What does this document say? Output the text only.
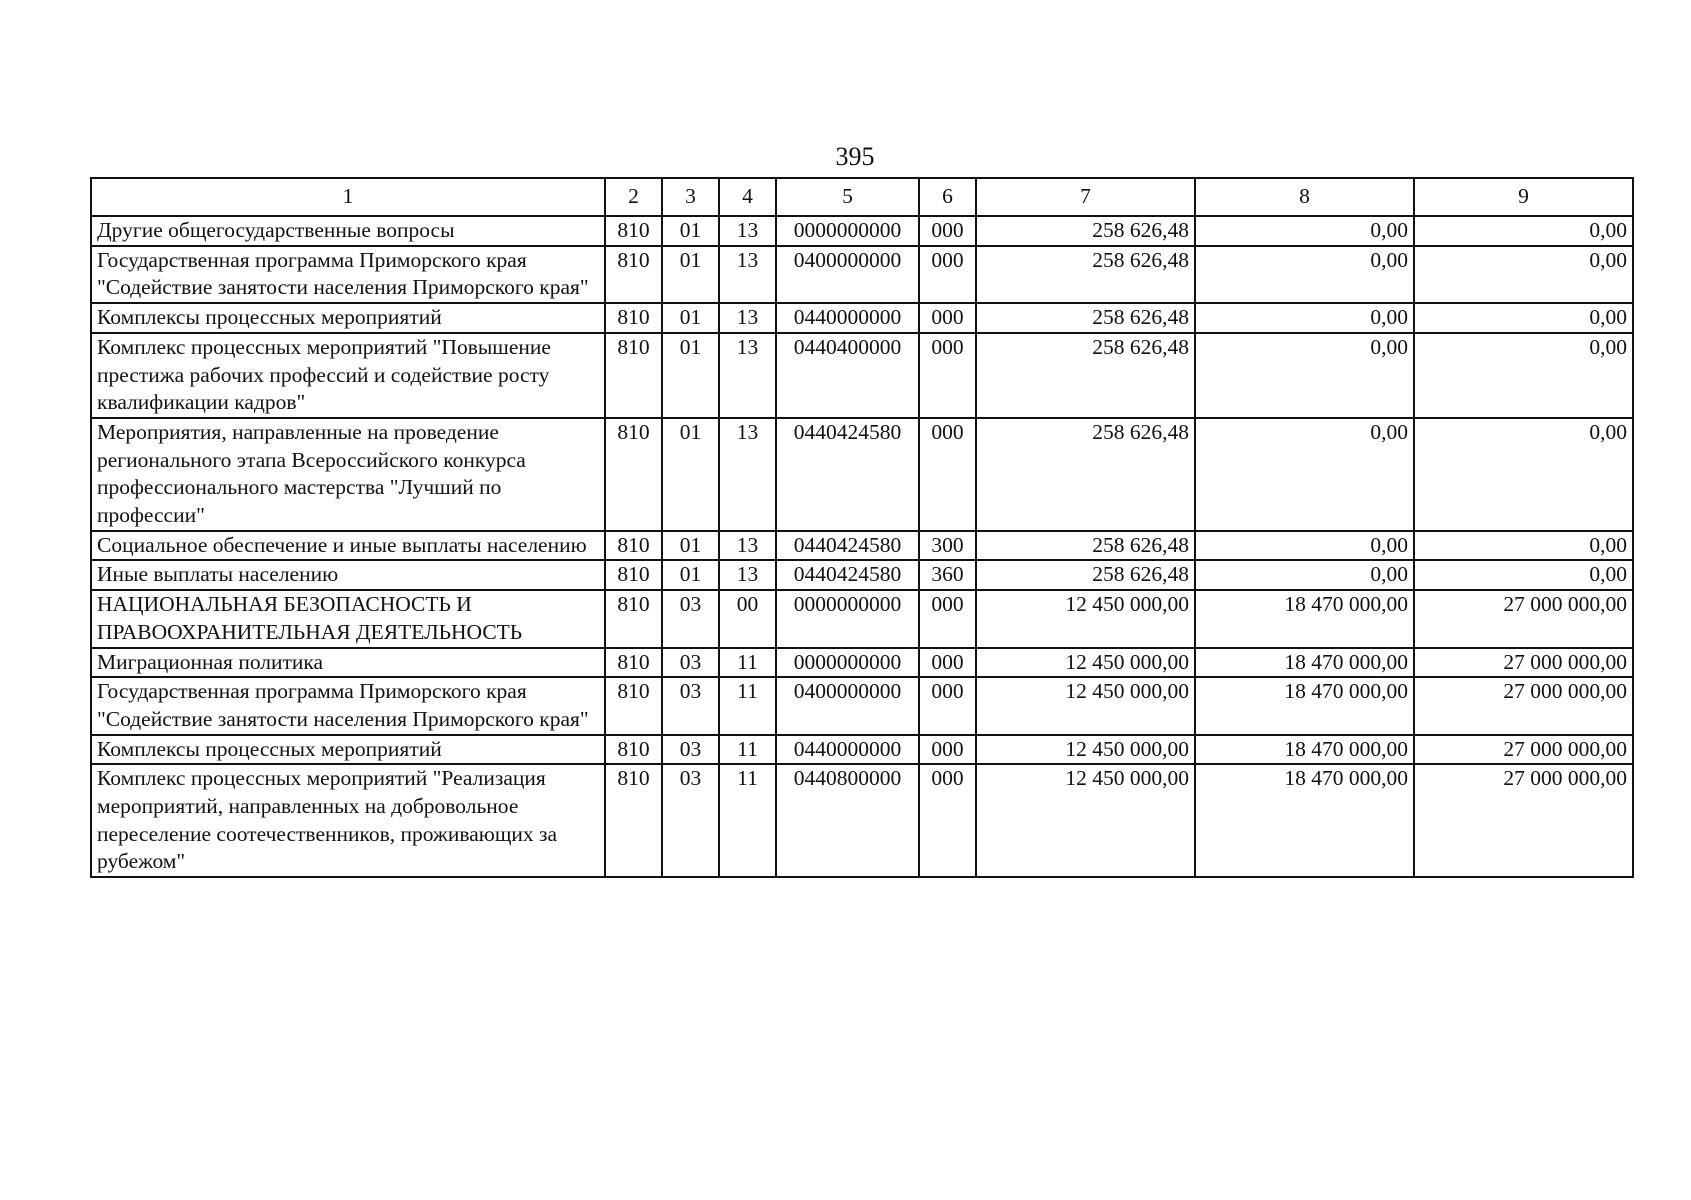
395
1	2	3	4	5	6	7	8	9
Другие общегосударственные вопросы	810	01	13	0000000000	000	258 626,48	0,00	0,00
Государственная программа Приморского края "Содействие занятости населения Приморского края"	810	01	13	0400000000	000	258 626,48	0,00	0,00
Комплексы процессных мероприятий	810	01	13	0440000000	000	258 626,48	0,00	0,00
Комплекс процессных мероприятий "Повышение престижа рабочих профессий и содействие росту квалификации кадров"	810	01	13	0440400000	000	258 626,48	0,00	0,00
Мероприятия, направленные на проведение регионального этапа Всероссийского конкурса профессионального мастерства "Лучший по профессии"	810	01	13	0440424580	000	258 626,48	0,00	0,00
Социальное обеспечение и иные выплаты населению	810	01	13	0440424580	300	258 626,48	0,00	0,00
Иные выплаты населению	810	01	13	0440424580	360	258 626,48	0,00	0,00
НАЦИОНАЛЬНАЯ БЕЗОПАСНОСТЬ И ПРАВООХРАНИТЕЛЬНАЯ ДЕЯТЕЛЬНОСТЬ	810	03	00	0000000000	000	12 450 000,00	18 470 000,00	27 000 000,00
Миграционная политика	810	03	11	0000000000	000	12 450 000,00	18 470 000,00	27 000 000,00
Государственная программа Приморского края "Содействие занятости населения Приморского края"	810	03	11	0400000000	000	12 450 000,00	18 470 000,00	27 000 000,00
Комплексы процессных мероприятий	810	03	11	0440000000	000	12 450 000,00	18 470 000,00	27 000 000,00
Комплекс процессных мероприятий "Реализация мероприятий, направленных на добровольное переселение соотечественников, проживающих за рубежом"	810	03	11	0440800000	000	12 450 000,00	18 470 000,00	27 000 000,00
